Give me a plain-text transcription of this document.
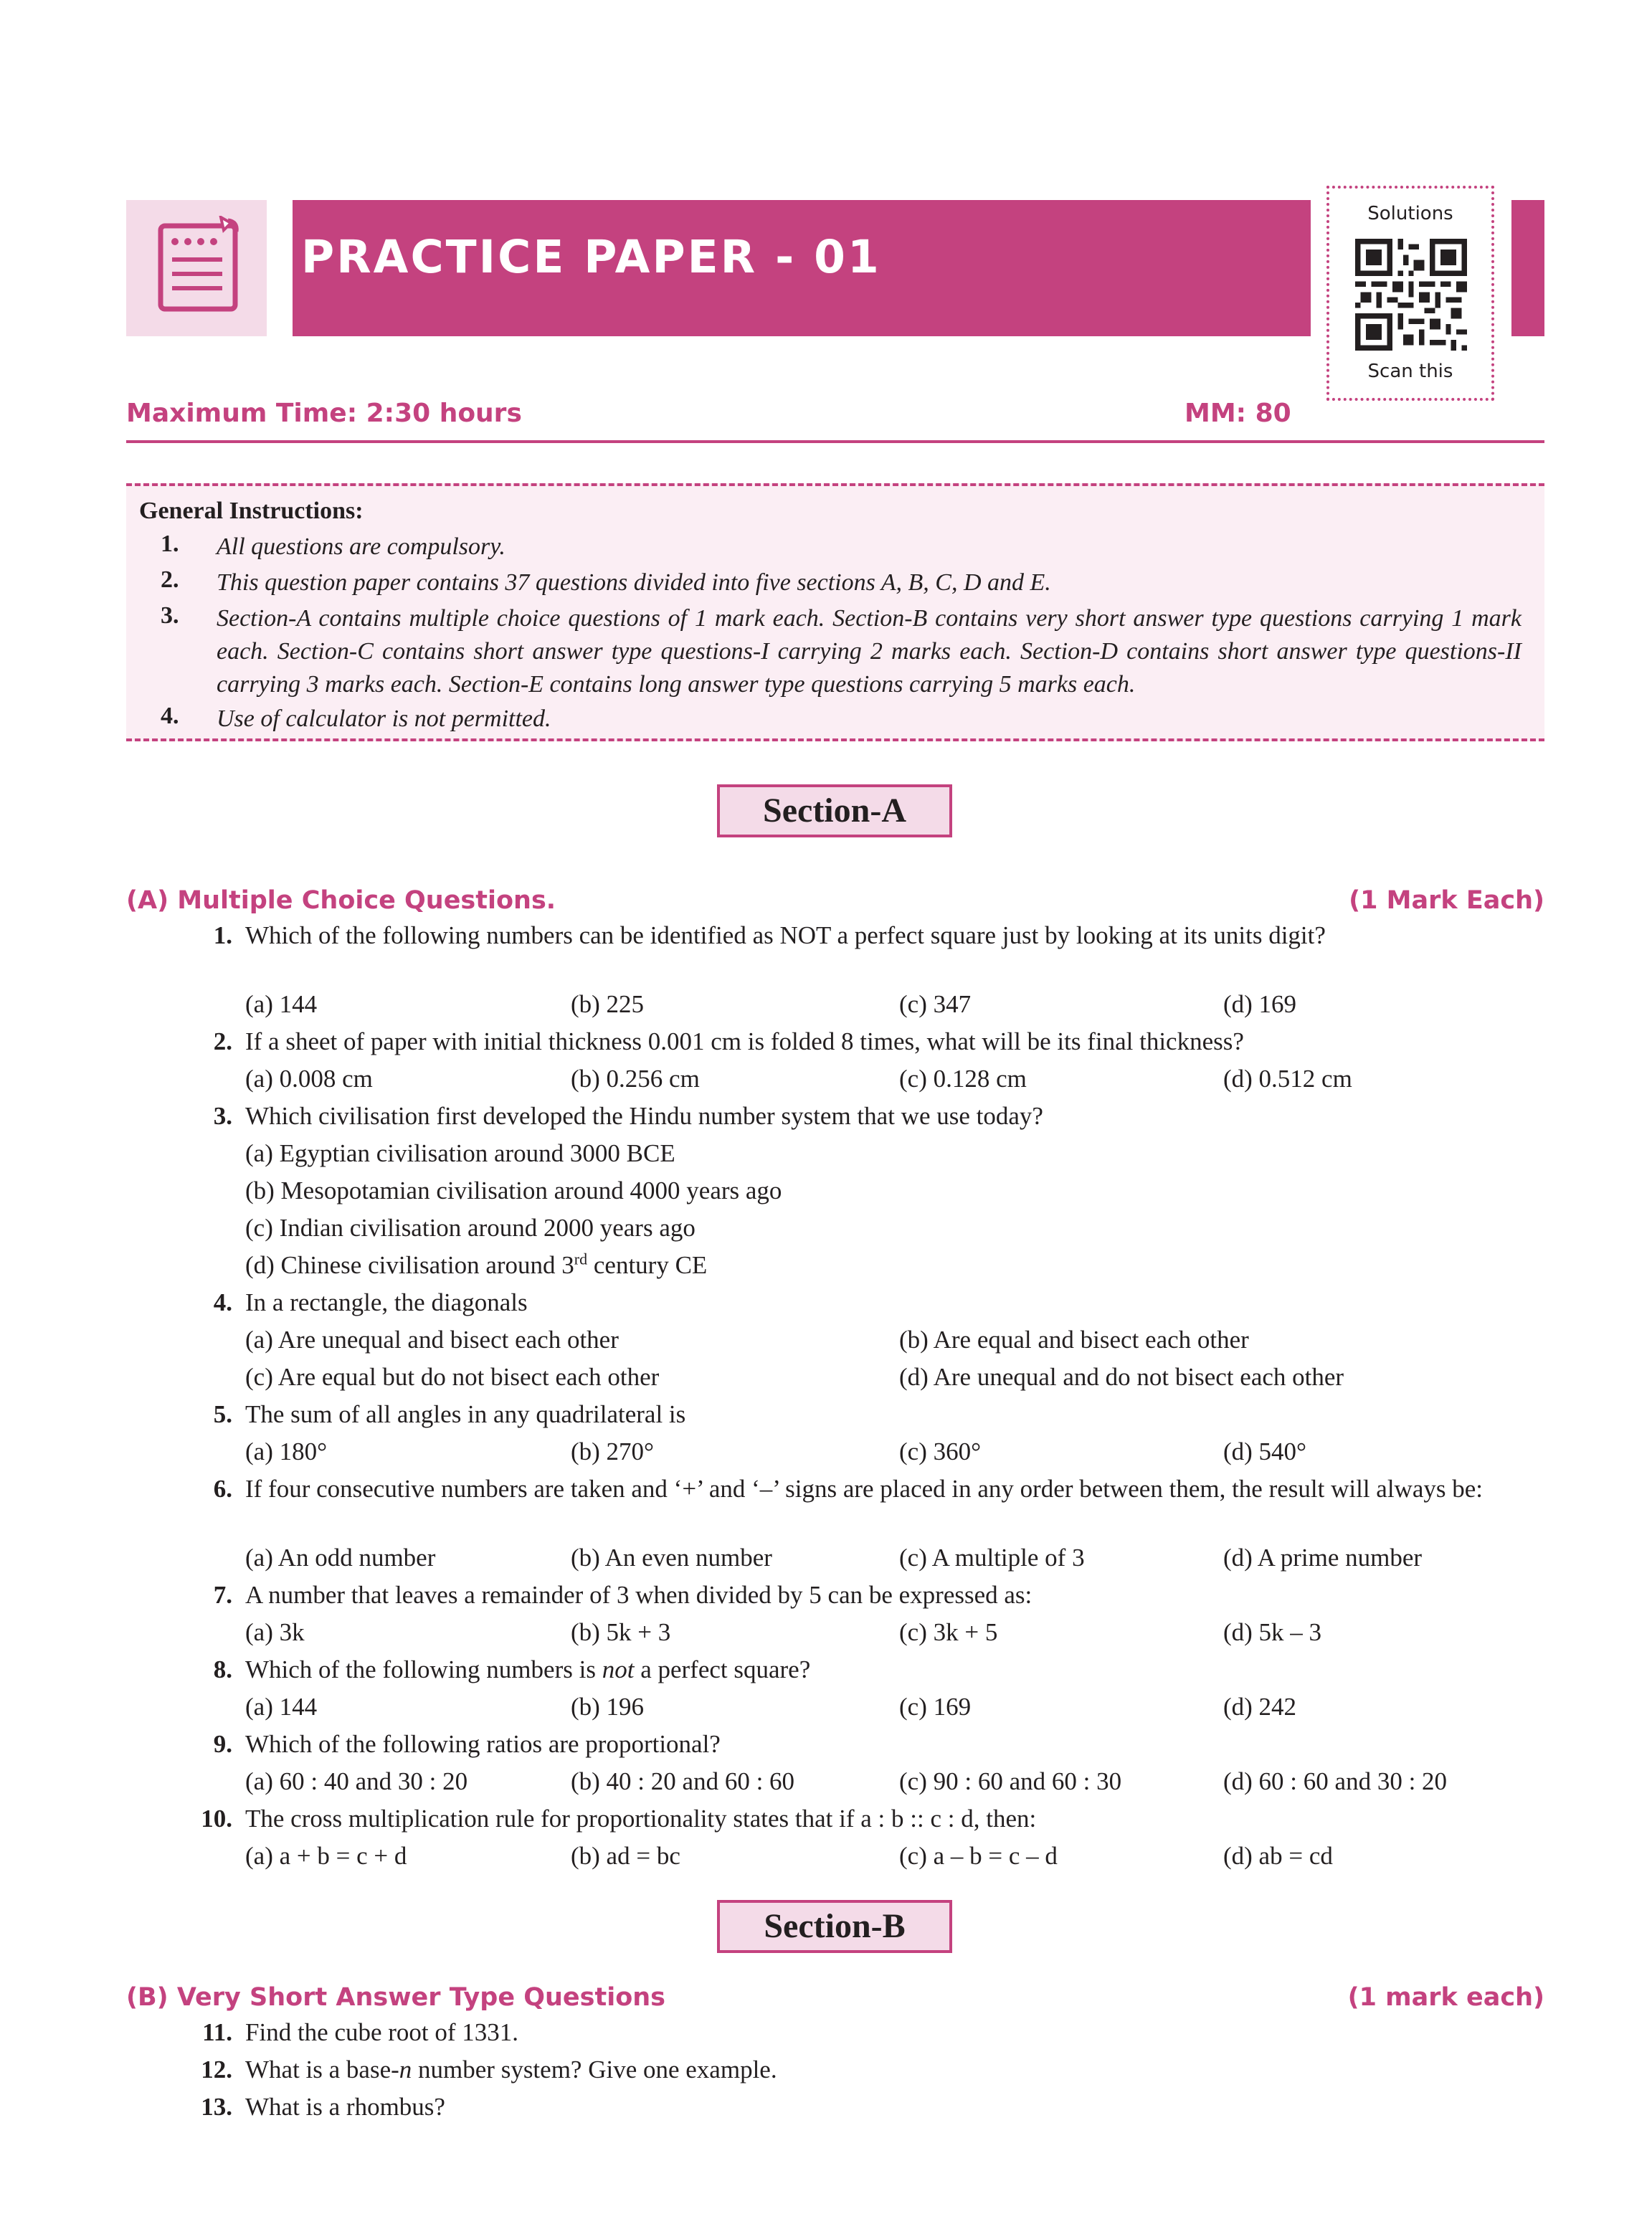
PRACTICE PAPER - 01
Solutions
Scan this
Maximum Time: 2:30 hours	MM: 80
General Instructions:
1. All questions are compulsory.
2. This question paper contains 37 questions divided into five sections A, B, C, D and E.
3. Section-A contains multiple choice questions of 1 mark each. Section-B contains very short answer type questions carrying 1 mark each. Section-C contains short answer type questions-I carrying 2 marks each. Section-D contains short answer type questions-II carrying 3 marks each. Section-E contains long answer type questions carrying 5 marks each.
4. Use of calculator is not permitted.
Section-A
(A) Multiple Choice Questions.	(1 Mark Each)
1. Which of the following numbers can be identified as NOT a perfect square just by looking at its units digit?
(a) 144	(b) 225	(c) 347	(d) 169
2. If a sheet of paper with initial thickness 0.001 cm is folded 8 times, what will be its final thickness?
(a) 0.008 cm	(b) 0.256 cm	(c) 0.128 cm	(d) 0.512 cm
3. Which civilisation first developed the Hindu number system that we use today?
(a) Egyptian civilisation around 3000 BCE
(b) Mesopotamian civilisation around 4000 years ago
(c) Indian civilisation around 2000 years ago
(d) Chinese civilisation around 3rd century CE
4. In a rectangle, the diagonals
(a) Are unequal and bisect each other	(b) Are equal and bisect each other
(c) Are equal but do not bisect each other	(d) Are unequal and do not bisect each other
5. The sum of all angles in any quadrilateral is
(a) 180°	(b) 270°	(c) 360°	(d) 540°
6. If four consecutive numbers are taken and ‘+’ and ‘–’ signs are placed in any order between them, the result will always be:
(a) An odd number	(b) An even number	(c) A multiple of 3	(d) A prime number
7. A number that leaves a remainder of 3 when divided by 5 can be expressed as:
(a) 3k	(b) 5k + 3	(c) 3k + 5	(d) 5k – 3
8. Which of the following numbers is not a perfect square?
(a) 144	(b) 196	(c) 169	(d) 242
9. Which of the following ratios are proportional?
(a) 60 : 40 and 30 : 20	(b) 40 : 20 and 60 : 60	(c) 90 : 60 and 60 : 30	(d) 60 : 60 and 30 : 20
10. The cross multiplication rule for proportionality states that if a : b :: c : d, then:
(a) a + b = c + d	(b) ad = bc	(c) a – b = c – d	(d) ab = cd
Section-B
(B) Very Short Answer Type Questions	(1 mark each)
11. Find the cube root of 1331.
12. What is a base-n number system? Give one example.
13. What is a rhombus?
